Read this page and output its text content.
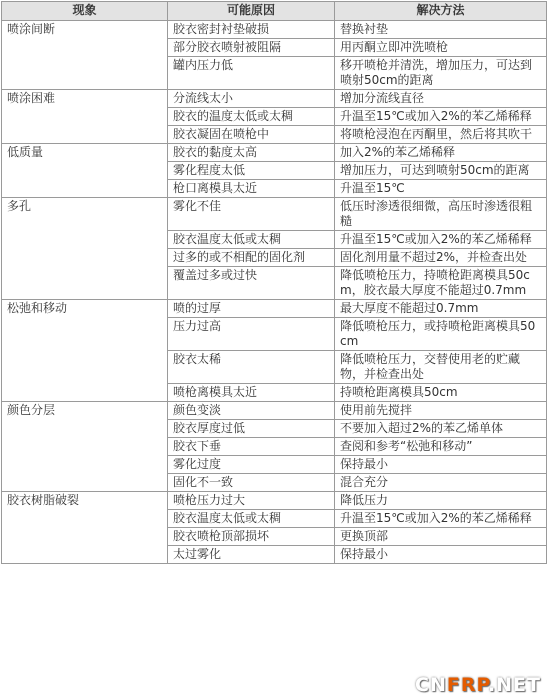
现象	可能原因	解决方法
喷涂间断	胶衣密封衬垫破损	替换衬垫
	部分胶衣喷射被阻隔	用丙酮立即冲洗喷枪
	罐内压力低	移开喷枪并清洗，增加压力，可达到喷射50cm的距离
喷涂困难	分流线太小	增加分流线直径
	胶衣的温度太低或太稠	升温至15℃或加入2%的苯乙烯稀释
	胶衣凝固在喷枪中	将喷枪浸泡在丙酮里，然后将其吹干
低质量	胶衣的黏度太高	加入2%的苯乙烯稀释
	雾化程度太低	增加压力，可达到喷射50cm的距离
	枪口离模具太近	升温至15℃
多孔	雾化不佳	低压时渗透很细微，高压时渗透很粗糙
	胶衣温度太低或太稠	升温至15℃或加入2%的苯乙烯稀释
	过多的或不相配的固化剂	固化剂用量不超过2%，并检查出处
	覆盖过多或过快	降低喷枪压力，持喷枪距离模具50cm，胶衣最大厚度不能超过0.7mm
松弛和移动	喷的过厚	最大厚度不能超过0.7mm
	压力过高	降低喷枪压力，或持喷枪距离模具50cm
	胶衣太稀	降低喷枪压力，交替使用老的贮藏物，并检查出处
	喷枪离模具太近	持喷枪距离模具50cm
颜色分层	颜色变淡	使用前先搅拌
	胶衣厚度过低	不要加入超过2%的苯乙烯单体
	胶衣下垂	查阅和参考“松弛和移动”
	雾化过度	保持最小
	固化不一致	混合充分
胶衣树脂破裂	喷枪压力过大	降低压力
	胶衣温度太低或太稠	升温至15℃或加入2%的苯乙烯稀释
	胶衣喷枪顶部损坏	更换顶部
	太过雾化	保持最小
CNFRP.NET
